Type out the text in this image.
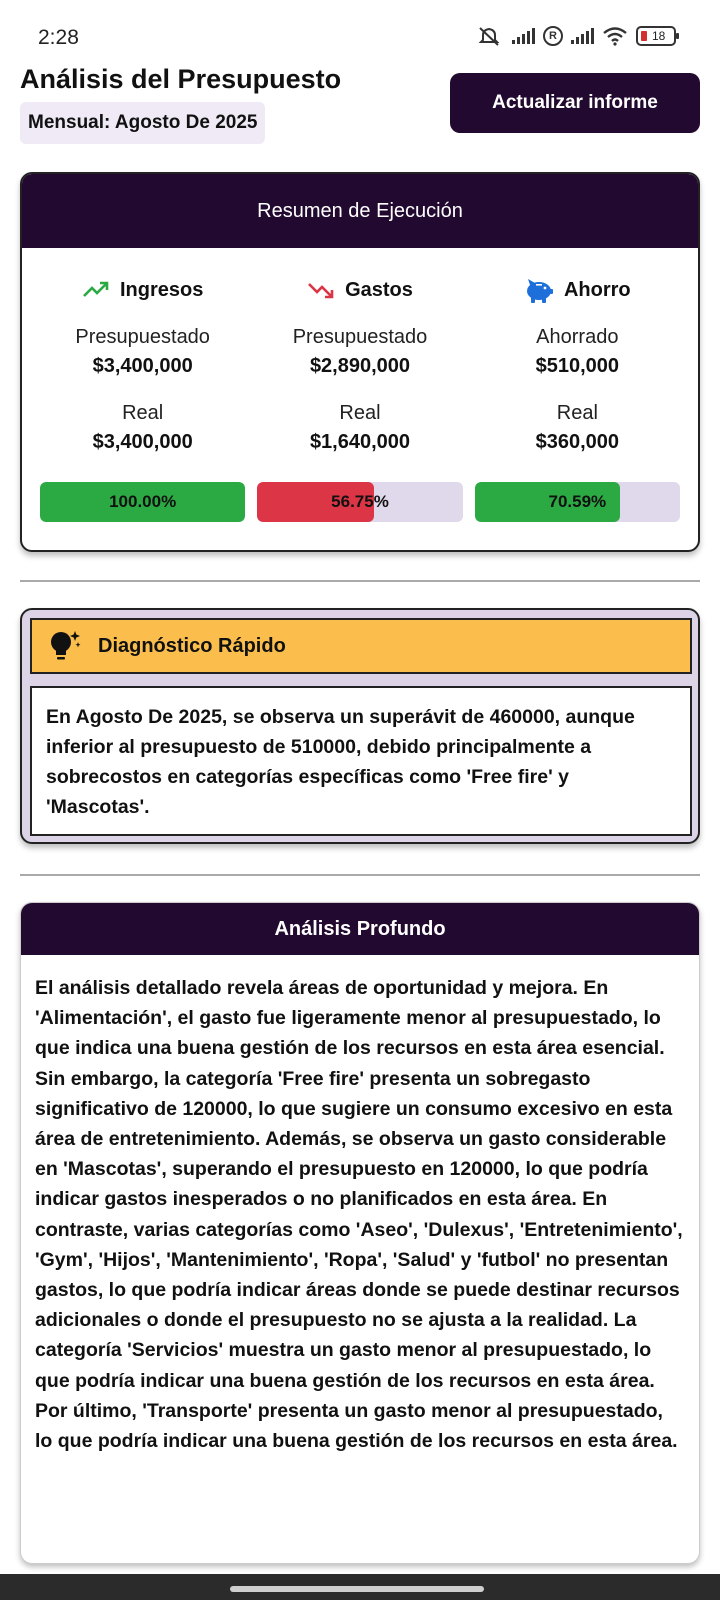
2:28	R	18
Análisis del Presupuesto
Mensual: Agosto De 2025
Actualizar informe
Resumen de Ejecución
Ingresos
Presupuestado
$3,400,000
Real
$3,400,000
100.00%
Gastos
Presupuestado
$2,890,000
Real
$1,640,000
56.75%
Ahorro
Ahorrado
$510,000
Real
$360,000
70.59%
Diagnóstico Rápido
En Agosto De 2025, se observa un superávit de 460000, aunque inferior al presupuesto de 510000, debido principalmente a sobrecostos en categorías específicas como 'Free fire' y 'Mascotas'.
Análisis Profundo
El análisis detallado revela áreas de oportunidad y mejora. En 'Alimentación', el gasto fue ligeramente menor al presupuestado, lo que indica una buena gestión de los recursos en esta área esencial. Sin embargo, la categoría 'Free fire' presenta un sobregasto significativo de 120000, lo que sugiere un consumo excesivo en esta área de entretenimiento. Además, se observa un gasto considerable en 'Mascotas', superando el presupuesto en 120000, lo que podría indicar gastos inesperados o no planificados en esta área. En contraste, varias categorías como 'Aseo', 'Dulexus', 'Entretenimiento', 'Gym', 'Hijos', 'Mantenimiento', 'Ropa', 'Salud' y 'futbol' no presentan gastos, lo que podría indicar áreas donde se puede destinar recursos adicionales o donde el presupuesto no se ajusta a la realidad. La categoría 'Servicios' muestra un gasto menor al presupuestado, lo que podría indicar una buena gestión de los recursos en esta área. Por último, 'Transporte' presenta un gasto menor al presupuestado, lo que podría indicar una buena gestión de los recursos en esta área.
